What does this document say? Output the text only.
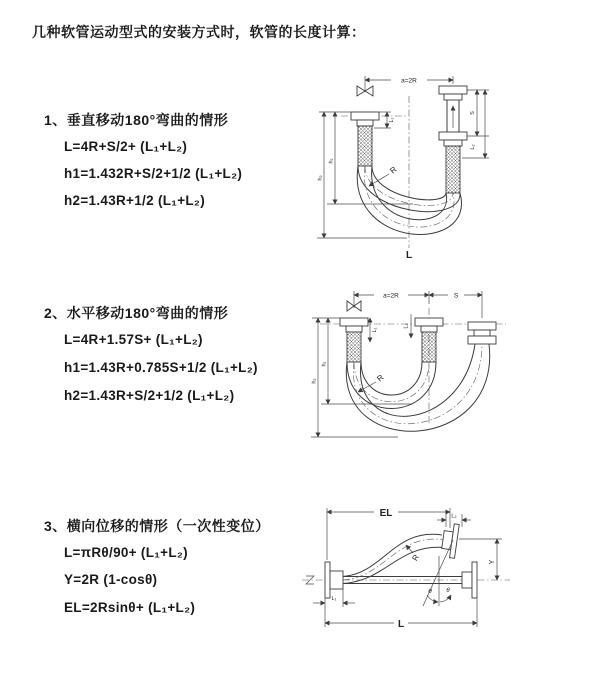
几种软管运动型式的安装方式时，软管的长度计算：
1、垂直移动180°弯曲的情形
L=4R+S/2+ (L₁+L₂)
h1=1.432R+S/2+1/2 (L₁+L₂)
h2=1.43R+1/2 (L₁+L₂)
2、水平移动180°弯曲的情形
L=4R+1.57S+ (L₁+L₂)
h1=1.43R+0.785S+1/2 (L₁+L₂)
h2=1.43R+S/2+1/2 (L₁+L₂)
3、横向位移的情形（一次性变位）
L=πRθ/90+ (L₁+L₂)
Y=2R (1-cosθ)
EL=2Rsinθ+ (L₁+L₂)
a=2R
L₁
S
L₂
h₁
h₂
R
L
a=2R	S
L₁
L₂
h₁
h₂	R
EL	L₂
L₁
R
θ θ
Y
L
